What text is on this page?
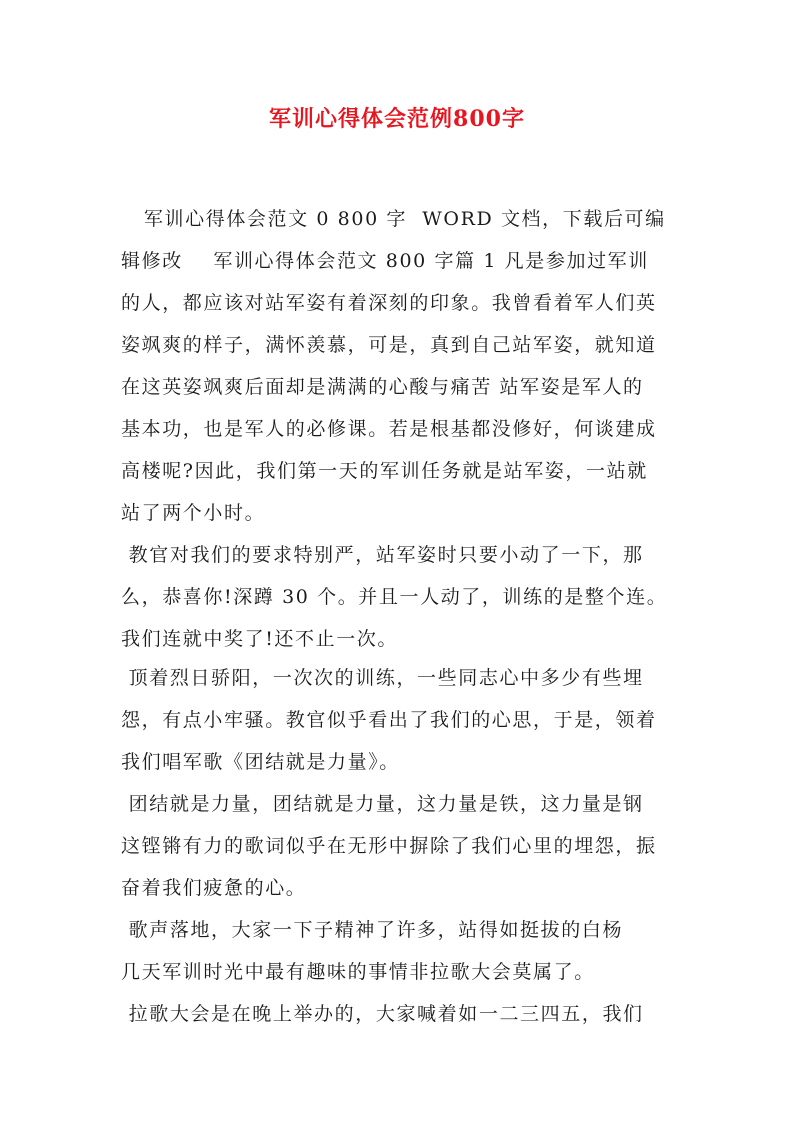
军训心得体会范例800字
军训心得体会范文 0 800 字  WORD 文档，下载后可编
辑修改    军训心得体会范文 800 字篇 1 凡是参加过军训
的人，都应该对站军姿有着深刻的印象。我曾看着军人们英
姿飒爽的样子，满怀羡慕，可是，真到自己站军姿，就知道
在这英姿飒爽后面却是满满的心酸与痛苦 站军姿是军人的
基本功，也是军人的必修课。若是根基都没修好，何谈建成
高楼呢?因此，我们第一天的军训任务就是站军姿，一站就
站了两个小时。
教官对我们的要求特别严，站军姿时只要小动了一下，那
么，恭喜你!深蹲 30 个。并且一人动了，训练的是整个连。
我们连就中奖了!还不止一次。
顶着烈日骄阳，一次次的训练，一些同志心中多少有些埋
怨，有点小牢骚。教官似乎看出了我们的心思，于是，领着
我们唱军歌《团结就是力量》。
团结就是力量，团结就是力量，这力量是铁，这力量是钢
这铿锵有力的歌词似乎在无形中摒除了我们心里的埋怨，振
奋着我们疲惫的心。
歌声落地，大家一下子精神了许多，站得如挺拔的白杨
几天军训时光中最有趣味的事情非拉歌大会莫属了。
拉歌大会是在晚上举办的，大家喊着如一二三四五，我们
